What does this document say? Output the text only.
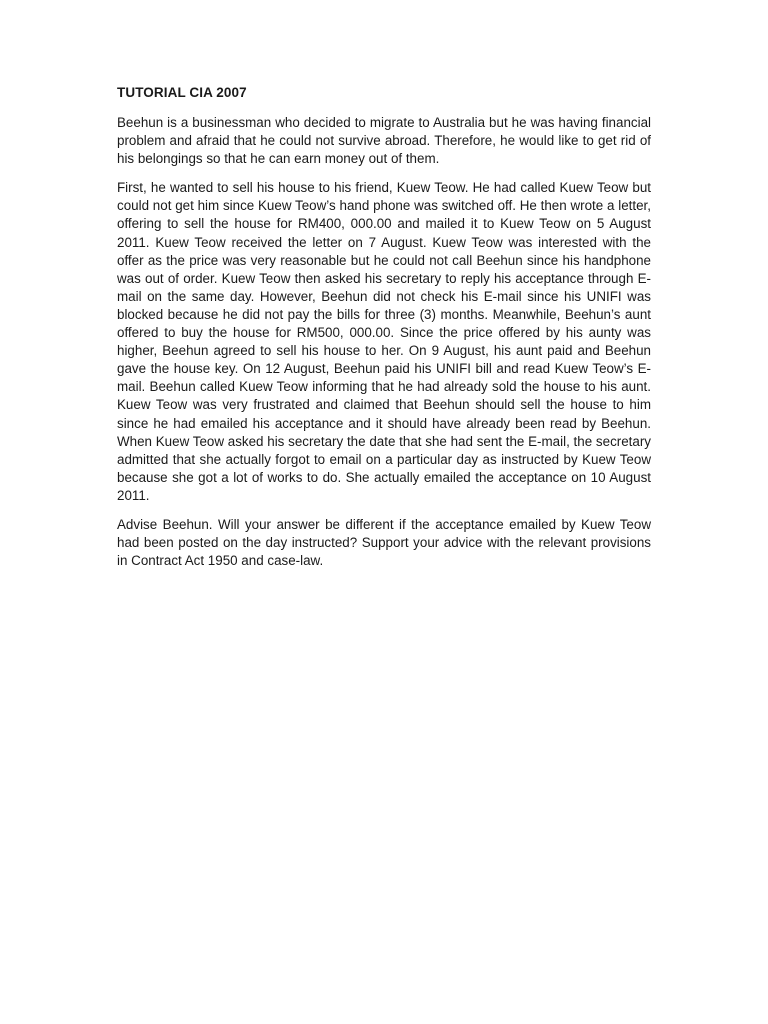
TUTORIAL CIA 2007

Beehun is a businessman who decided to migrate to Australia but he was having financial problem and afraid that he could not survive abroad. Therefore, he would like to get rid of his belongings so that he can earn money out of them.

First, he wanted to sell his house to his friend, Kuew Teow. He had called Kuew Teow but could not get him since Kuew Teow’s hand phone was switched off. He then wrote a letter, offering to sell the house for RM400, 000.00 and mailed it to Kuew Teow on 5 August 2011. Kuew Teow received the letter on 7 August. Kuew Teow was interested with the offer as the price was very reasonable but he could not call Beehun since his handphone was out of order. Kuew Teow then asked his secretary to reply his acceptance through E-mail on the same day. However, Beehun did not check his E-mail since his UNIFI was blocked because he did not pay the bills for three (3) months. Meanwhile, Beehun’s aunt offered to buy the house for RM500, 000.00. Since the price offered by his aunty was higher, Beehun agreed to sell his house to her. On 9 August, his aunt paid and Beehun gave the house key. On 12 August, Beehun paid his UNIFI bill and read Kuew Teow’s E-mail. Beehun called Kuew Teow informing that he had already sold the house to his aunt. Kuew Teow was very frustrated and claimed that Beehun should sell the house to him since he had emailed his acceptance and it should have already been read by Beehun. When Kuew Teow asked his secretary the date that she had sent the E-mail, the secretary admitted that she actually forgot to email on a particular day as instructed by Kuew Teow because she got a lot of works to do. She actually emailed the acceptance on 10 August 2011.

Advise Beehun. Will your answer be different if the acceptance emailed by Kuew Teow had been posted on the day instructed? Support your advice with the relevant provisions in Contract Act 1950 and case-law.
